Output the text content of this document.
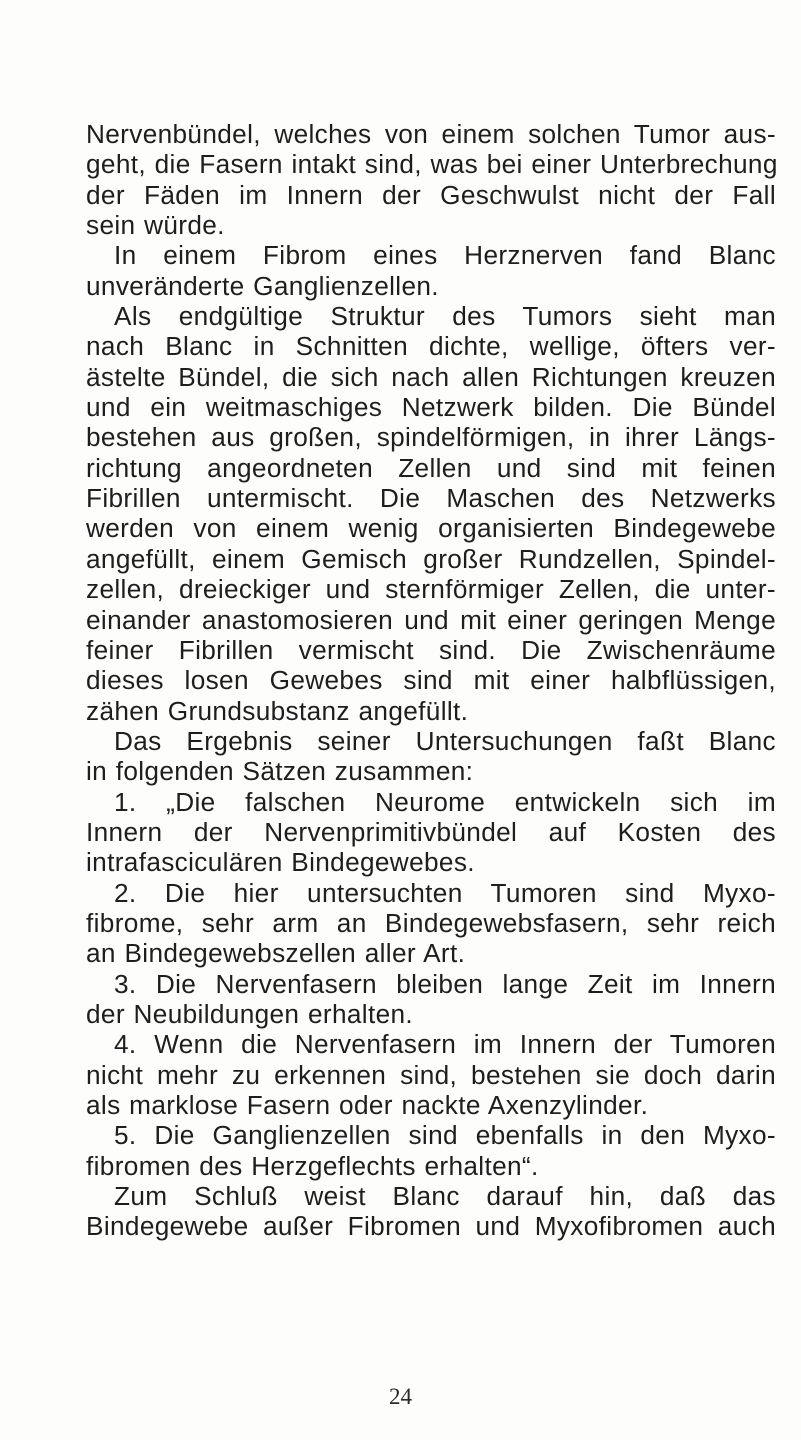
Nervenbündel, welches von einem solchen Tumor aus-
geht, die Fasern intakt sind, was bei einer Unterbrechung
der Fäden im Innern der Geschwulst nicht der Fall
sein würde.
In einem Fibrom eines Herznerven fand Blanc
unveränderte Ganglienzellen.
Als endgültige Struktur des Tumors sieht man
nach Blanc in Schnitten dichte, wellige, öfters ver-
ästelte Bündel, die sich nach allen Richtungen kreuzen
und ein weitmaschiges Netzwerk bilden. Die Bündel
bestehen aus großen, spindelförmigen, in ihrer Längs-
richtung angeordneten Zellen und sind mit feinen
Fibrillen untermischt. Die Maschen des Netzwerks
werden von einem wenig organisierten Bindegewebe
angefüllt, einem Gemisch großer Rundzellen, Spindel-
zellen, dreieckiger und sternförmiger Zellen, die unter-
einander anastomosieren und mit einer geringen Menge
feiner Fibrillen vermischt sind. Die Zwischenräume
dieses losen Gewebes sind mit einer halbflüssigen,
zähen Grundsubstanz angefüllt.
Das Ergebnis seiner Untersuchungen faßt Blanc
in folgenden Sätzen zusammen:
1. „Die falschen Neurome entwickeln sich im
Innern der Nervenprimitivbündel auf Kosten des
intrafasciculären Bindegewebes.
2. Die hier untersuchten Tumoren sind Myxo-
fibrome, sehr arm an Bindegewebsfasern, sehr reich
an Bindegewebszellen aller Art.
3. Die Nervenfasern bleiben lange Zeit im Innern
der Neubildungen erhalten.
4. Wenn die Nervenfasern im Innern der Tumoren
nicht mehr zu erkennen sind, bestehen sie doch darin
als marklose Fasern oder nackte Axenzylinder.
5. Die Ganglienzellen sind ebenfalls in den Myxo-
fibromen des Herzgeflechts erhalten“.
Zum Schluß weist Blanc darauf hin, daß das
Bindegewebe außer Fibromen und Myxofibromen auch
24
